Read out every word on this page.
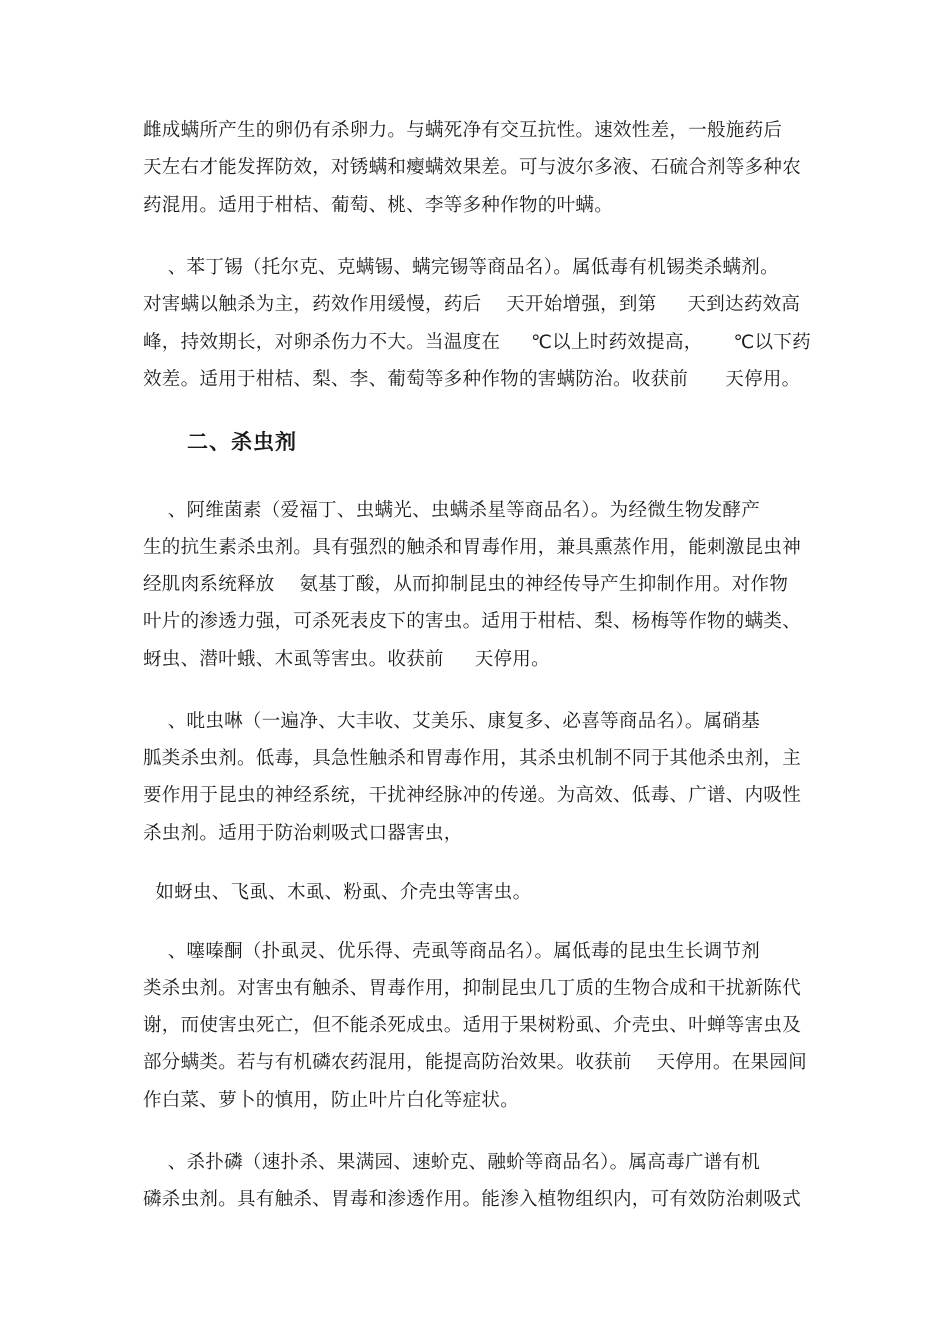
雌成螨所产生的卵仍有杀卵力。与螨死净有交互抗性。速效性差，一般施药后

天左右才能发挥防效，对锈螨和瘿螨效果差。可与波尔多液、石硫合剂等多种农

药混用。适用于柑桔、葡萄、桃、李等多种作物的叶螨。

、苯丁锡（托尔克、克螨锡、螨完锡等商品名）。属低毒有机锡类杀螨剂。

对害螨以触杀为主，药效作用缓慢，药后    天开始增强，到第     天到达药效高

峰，持效期长，对卵杀伤力不大。当温度在     ℃以上时药效提高，     ℃以下药

效差。适用于柑桔、梨、李、葡萄等多种作物的害螨防治。收获前      天停用。

二、杀虫剂

、阿维菌素（爱福丁、虫螨光、虫螨杀星等商品名）。为经微生物发酵产

生的抗生素杀虫剂。具有强烈的触杀和胃毒作用，兼具熏蒸作用，能刺激昆虫神

经肌肉系统释放    氨基丁酸，从而抑制昆虫的神经传导产生抑制作用。对作物

叶片的渗透力强，可杀死表皮下的害虫。适用于柑桔、梨、杨梅等作物的螨类、

蚜虫、潜叶蛾、木虱等害虫。收获前     天停用。

、吡虫啉（一遍净、大丰收、艾美乐、康复多、必喜等商品名）。属硝基

胍类杀虫剂。低毒，具急性触杀和胃毒作用，其杀虫机制不同于其他杀虫剂，主

要作用于昆虫的神经系统，干扰神经脉冲的传递。为高效、低毒、广谱、内吸性

杀虫剂。适用于防治刺吸式口器害虫，

如蚜虫、飞虱、木虱、粉虱、介壳虫等害虫。

、噻嗪酮（扑虱灵、优乐得、壳虱等商品名）。属低毒的昆虫生长调节剂

类杀虫剂。对害虫有触杀、胃毒作用，抑制昆虫几丁质的生物合成和干扰新陈代

谢，而使害虫死亡，但不能杀死成虫。适用于果树粉虱、介壳虫、叶蝉等害虫及

部分螨类。若与有机磷农药混用，能提高防治效果。收获前    天停用。在果园间

作白菜、萝卜的慎用，防止叶片白化等症状。

、杀扑磷（速扑杀、果满园、速蚧克、融蚧等商品名）。属高毒广谱有机

磷杀虫剂。具有触杀、胃毒和渗透作用。能渗入植物组织内，可有效防治刺吸式
